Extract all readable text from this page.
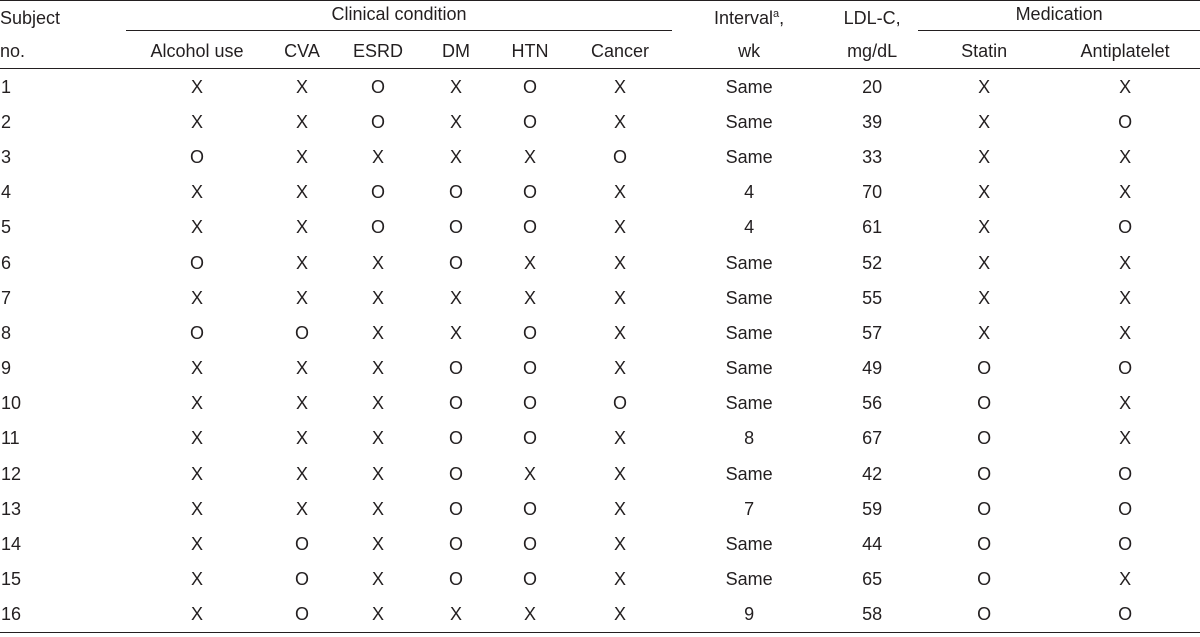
Subject	Clinical condition						Interval$^a$,	LDL-C,	Medication	

no.	Alcohol use	CVA	ESRD	DM	HTN	Cancer	wk	mg/dL	Statin	Antiplatelet
1	X	X	O	X	O	X	Same	20	X	X
2	X	X	O	X	O	X	Same	39	X	O
3	O	X	X	X	X	O	Same	33	X	X
4	X	X	O	O	O	X	4	70	X	X
5	X	X	O	O	O	X	4	61	X	O
6	O	X	X	O	X	X	Same	52	X	X
7	X	X	X	X	X	X	Same	55	X	X
8	O	O	X	X	O	X	Same	57	X	X
9	X	X	X	O	O	X	Same	49	O	O
10	X	X	X	O	O	O	Same	56	O	X
11	X	X	X	O	O	X	8	67	O	X
12	X	X	X	O	X	X	Same	42	O	O
13	X	X	X	O	O	X	7	59	O	O
14	X	O	X	O	O	X	Same	44	O	O
15	X	O	X	O	O	X	Same	65	O	X
16	X	O	X	X	X	X	9	58	O	O
